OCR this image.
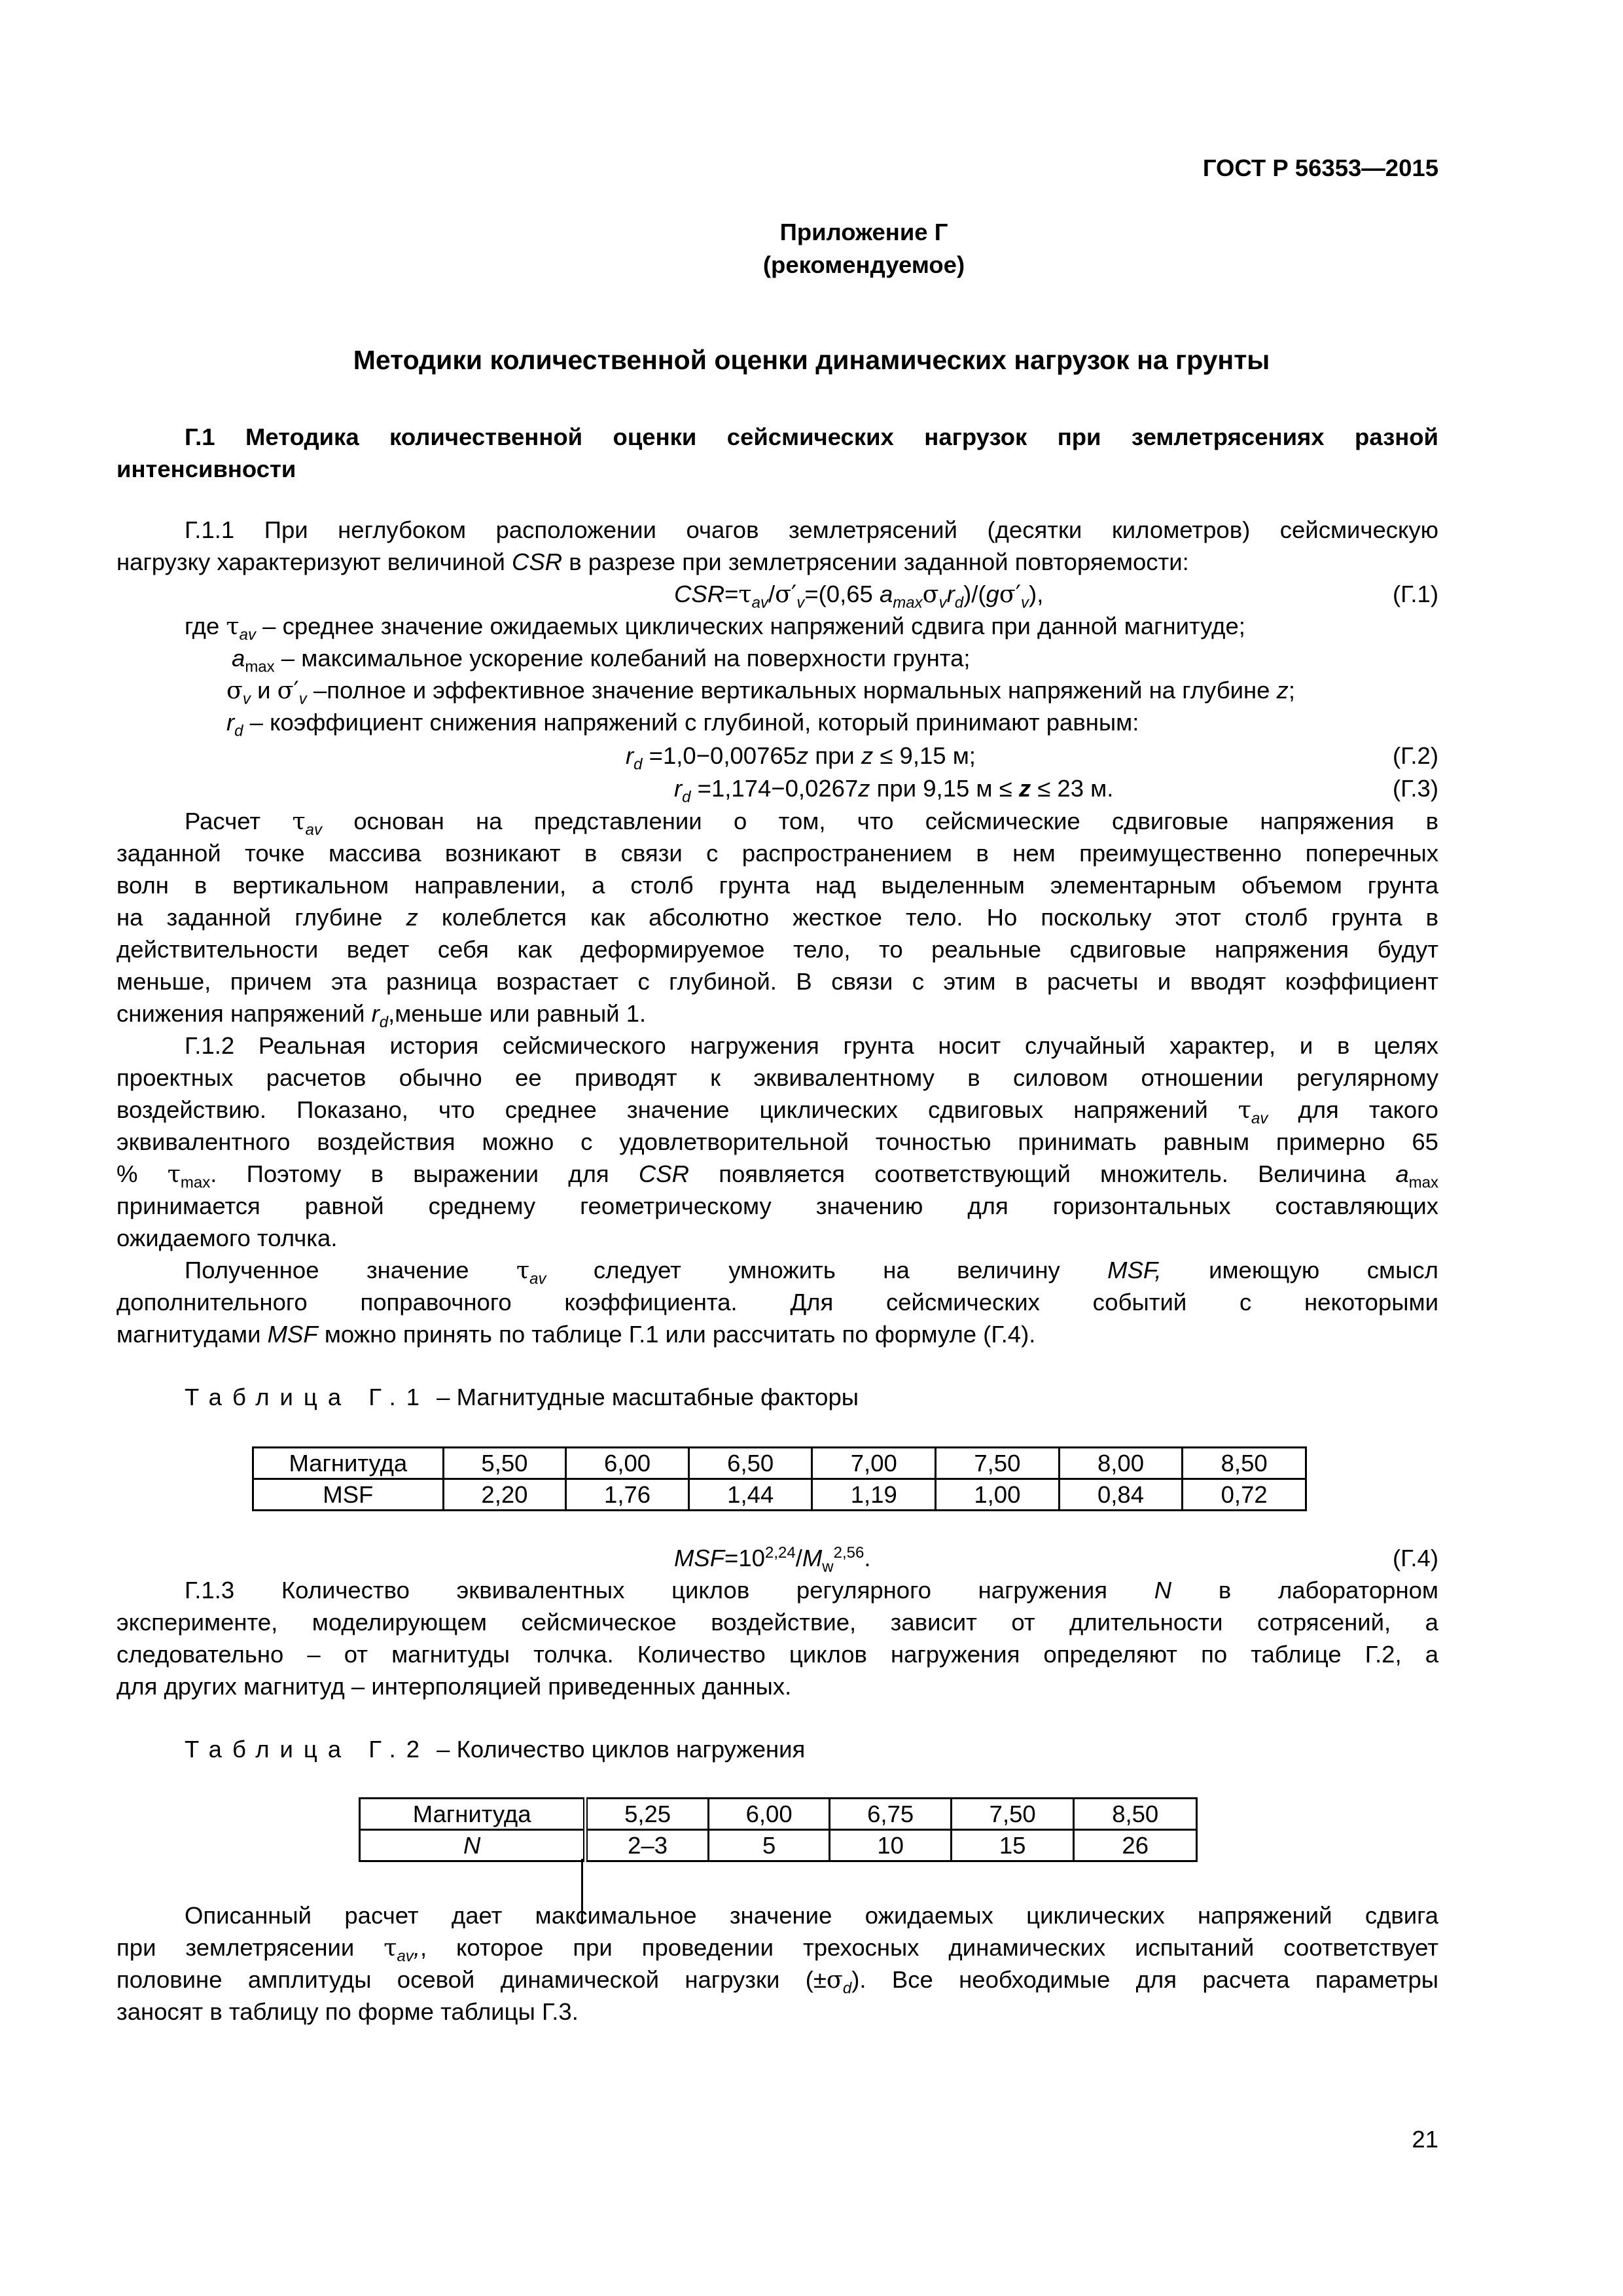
ГОСТ Р 56353—2015
Приложение Г
(рекомендуемое)
Методики количественной оценки динамических нагрузок на грунты
Г.1 Методика количественной оценки сейсмических нагрузок при землетрясениях разной
интенсивности
Г.1.1 При неглубоком расположении очагов землетрясений (десятки километров) сейсмическую
нагрузку характеризуют величиной CSR в разрезе при землетрясении заданной повторяемости:
$CSR=\tau_{av}/\sigma'_v=(0,65$ $a_{max}\sigma_vr_d)/(g\sigma'_v)$,	(Г.1)
где $\tau_{av}$ – среднее значение ожидаемых циклических напряжений сдвига при данной магнитуде;
$a_{max}$ – максимальное ускорение колебаний на поверхности грунта;
$\sigma_v$ и $\sigma'_v$ –полное и эффективное значение вертикальных нормальных напряжений на глубине z;
$r_d$ – коэффициент снижения напряжений с глубиной, который принимают равным:
$r_d =1,0-0,00765z$ при z ≤ 9,15 м;	(Г.2)
$r_d =1,174-0,0267z$ при 9,15 м ≤ z ≤ 23 м.	(Г.3)
Расчет $\tau_{av}$ основан на представлении о том, что сейсмические сдвиговые напряжения в
заданной точке массива возникают в связи с распространением в нем преимущественно поперечных
волн в вертикальном направлении, а столб грунта над выделенным элементарным объемом грунта
на заданной глубине z колеблется как абсолютно жесткое тело. Но поскольку этот столб грунта в
действительности ведет себя как деформируемое тело, то реальные сдвиговые напряжения будут
меньше, причем эта разница возрастает с глубиной. В связи с этим в расчеты и вводят коэффициент
снижения напряжений $r_d,меньше$ или равный 1.
Г.1.2 Реальная история сейсмического нагружения грунта носит случайный характер, и в целях
проектных расчетов обычно ее приводят к эквивалентному в силовом отношении регулярному
воздействию. Показано, что среднее значение циклических сдвиговых напряжений $\tau_{av}$ для такого
эквивалентного воздействия можно с удовлетворительной точностью принимать равным примерно 65
% $\tau_{max}$. Поэтому в выражении для CSR появляется соответствующий множитель. Величина $a_{max}$
принимается равной среднему геометрическому значению для горизонтальных составляющих
ожидаемого толчка.
Полученное значение $\tau_{av}$ следует умножить на величину MSF, имеющую смысл
дополнительного поправочного коэффициента. Для сейсмических событий с некоторыми
магнитудами MSF можно принять по таблице Г.1 или рассчитать по формуле (Г.4).
Таблица Г.1 – Магнитудные масштабные факторы
Магнитуда	5,50	6,00	6,50	7,00	7,50	8,00	8,50
MSF	2,20	1,76	1,44	1,19	1,00	0,84	0,72
$MSF=10^{2,24}/M_w^{2,56}$.	(Г.4)
Г.1.3 Количество эквивалентных циклов регулярного нагружения N в лабораторном
эксперименте, моделирующем сейсмическое воздействие, зависит от длительности сотрясений, а
следовательно – от магнитуды толчка. Количество циклов нагружения определяют по таблице Г.2, а
для других магнитуд – интерполяцией приведенных данных.
Таблица Г.2 – Количество циклов нагружения
Магнитуда	5,25	6,00	6,75	7,50	8,50
N	2–3	5	10	15	26
Описанный расчет дает максимальное значение ожидаемых циклических напряжений сдвига
при землетрясении $\tau_{av}$,, которое при проведении трехосных динамических испытаний соответствует
половине амплитуды осевой динамической нагрузки $(\pm\sigma_d)$. Все необходимые для расчета параметры
заносят в таблицу по форме таблицы Г.3.
21
